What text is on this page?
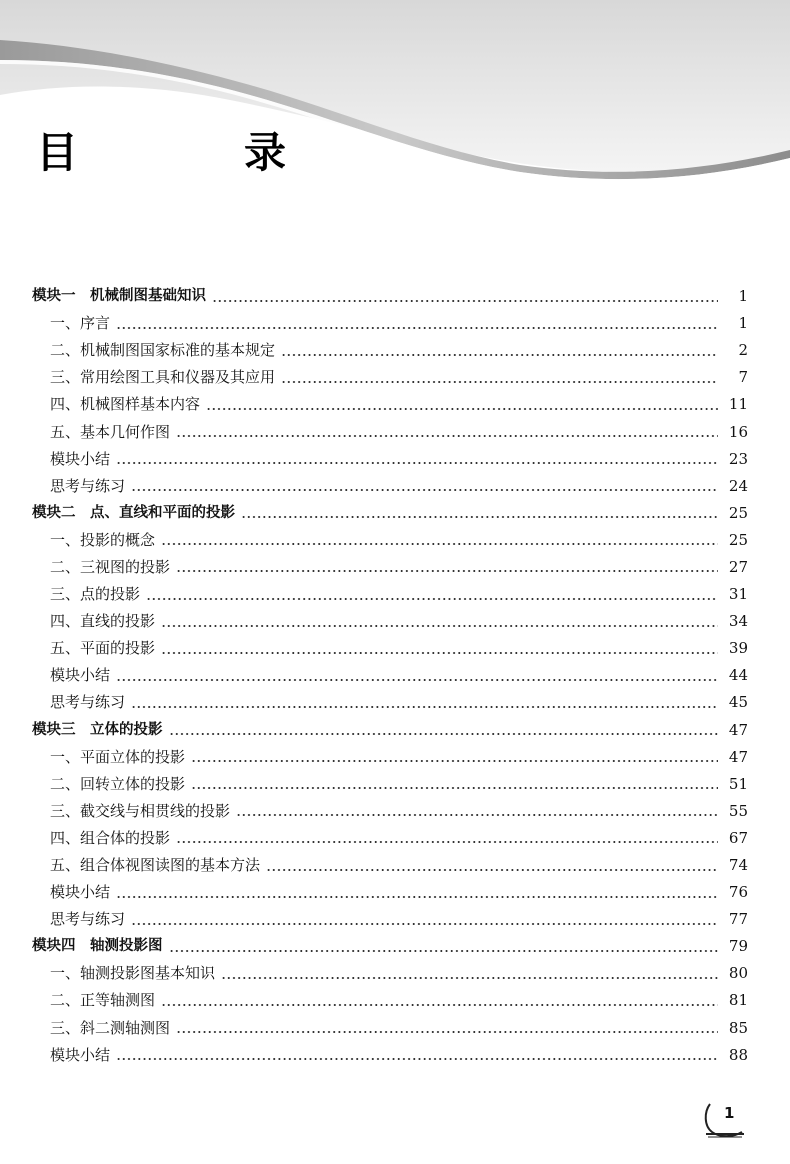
目　录
模块一　机械制图基础知识	1
一、序言	1
二、机械制图国家标准的基本规定	2
三、常用绘图工具和仪器及其应用	7
四、机械图样基本内容	11
五、基本几何作图	16
模块小结	23
思考与练习	24
模块二　点、直线和平面的投影	25
一、投影的概念	25
二、三视图的投影	27
三、点的投影	31
四、直线的投影	34
五、平面的投影	39
模块小结	44
思考与练习	45
模块三　立体的投影	47
一、平面立体的投影	47
二、回转立体的投影	51
三、截交线与相贯线的投影	55
四、组合体的投影	67
五、组合体视图读图的基本方法	74
模块小结	76
思考与练习	77
模块四　轴测投影图	79
一、轴测投影图基本知识	80
二、正等轴测图	81
三、斜二测轴测图	85
模块小结	88
1
